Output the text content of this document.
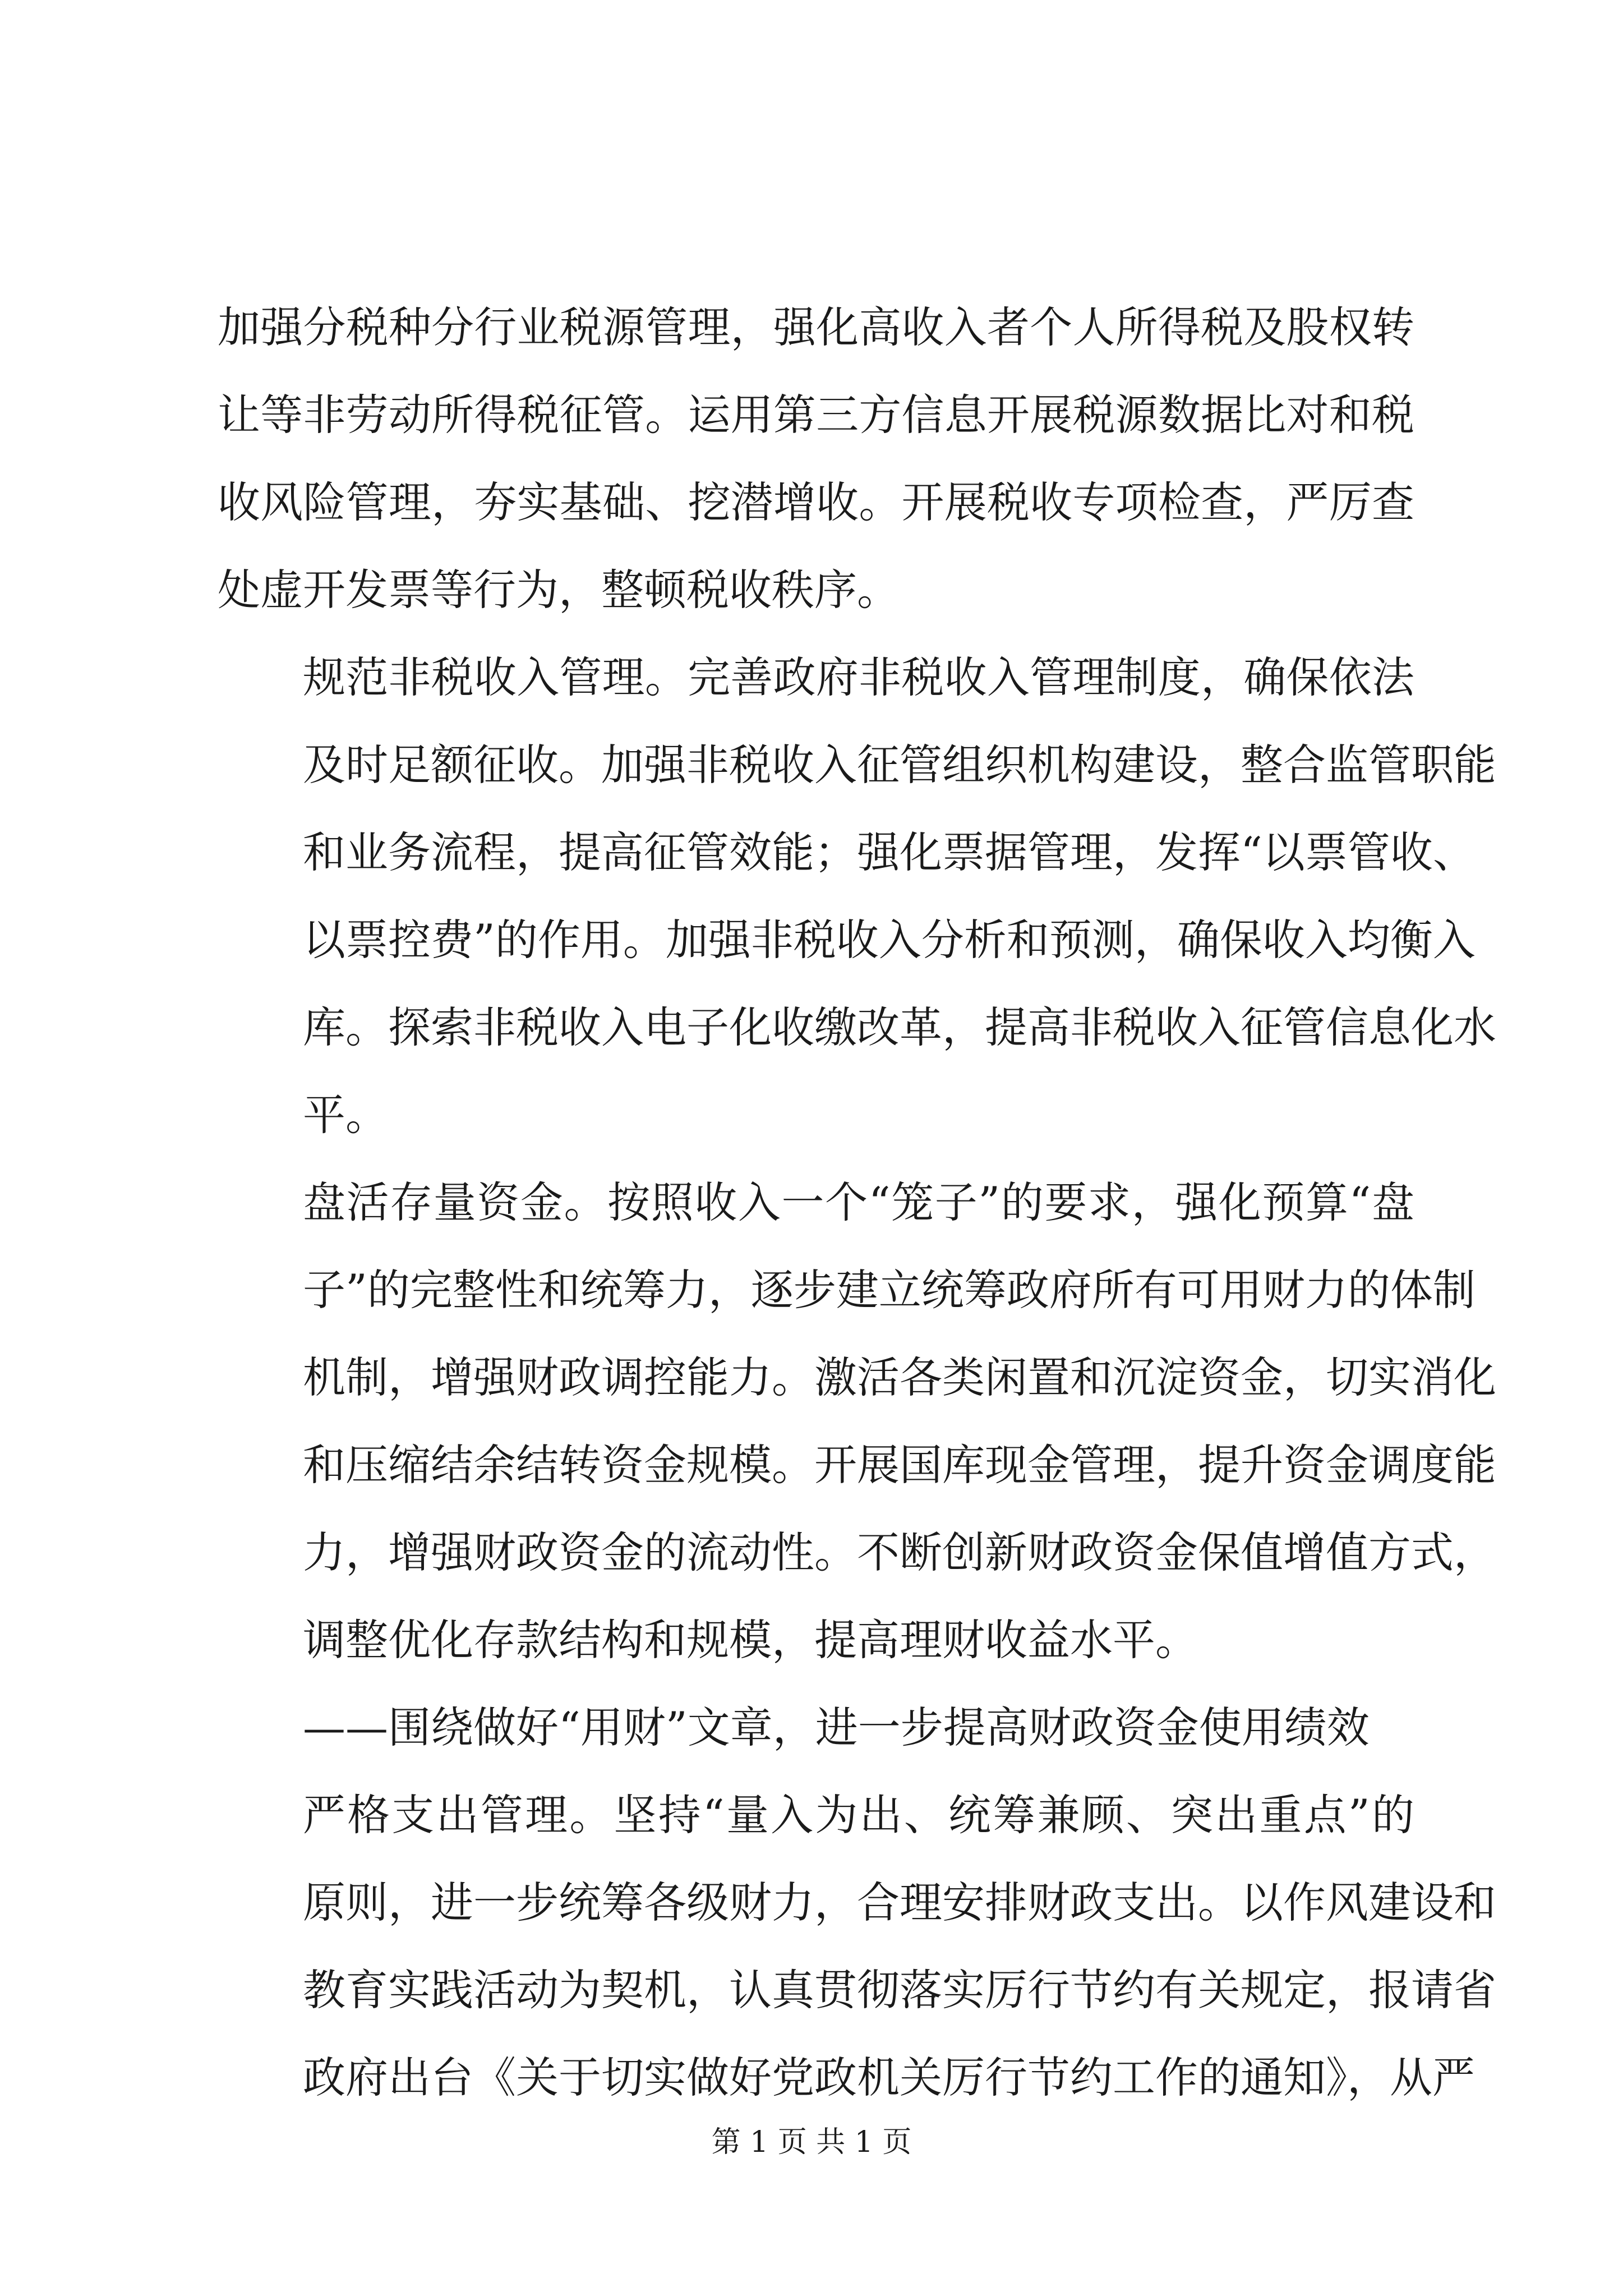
加强分税种分行业税源管理，强化高收入者个人所得税及股权转
让等非劳动所得税征管。运用第三方信息开展税源数据比对和税
收风险管理，夯实基础、挖潜增收。开展税收专项检查，严厉查
处虚开发票等行为，整顿税收秩序。

规范非税收入管理。完善政府非税收入管理制度，确保依法
及时足额征收。加强非税收入征管组织机构建设，整合监管职能
和业务流程，提高征管效能；强化票据管理，发挥“以票管收、
以票控费”的作用。加强非税收入分析和预测，确保收入均衡入
库。探索非税收入电子化收缴改革，提高非税收入征管信息化水
平。

盘活存量资金。按照收入一个“笼子”的要求，强化预算“盘
子”的完整性和统筹力，逐步建立统筹政府所有可用财力的体制
机制，增强财政调控能力。激活各类闲置和沉淀资金，切实消化
和压缩结余结转资金规模。开展国库现金管理，提升资金调度能
力，增强财政资金的流动性。不断创新财政资金保值增值方式，
调整优化存款结构和规模，提高理财收益水平。

——围绕做好“用财”文章，进一步提高财政资金使用绩效

严格支出管理。坚持“量入为出、统筹兼顾、突出重点”的
原则，进一步统筹各级财力，合理安排财政支出。以作风建设和
教育实践活动为契机，认真贯彻落实厉行节约有关规定，报请省
政府出台《关于切实做好党政机关厉行节约工作的通知》，从严

第 1 页 共 1 页
